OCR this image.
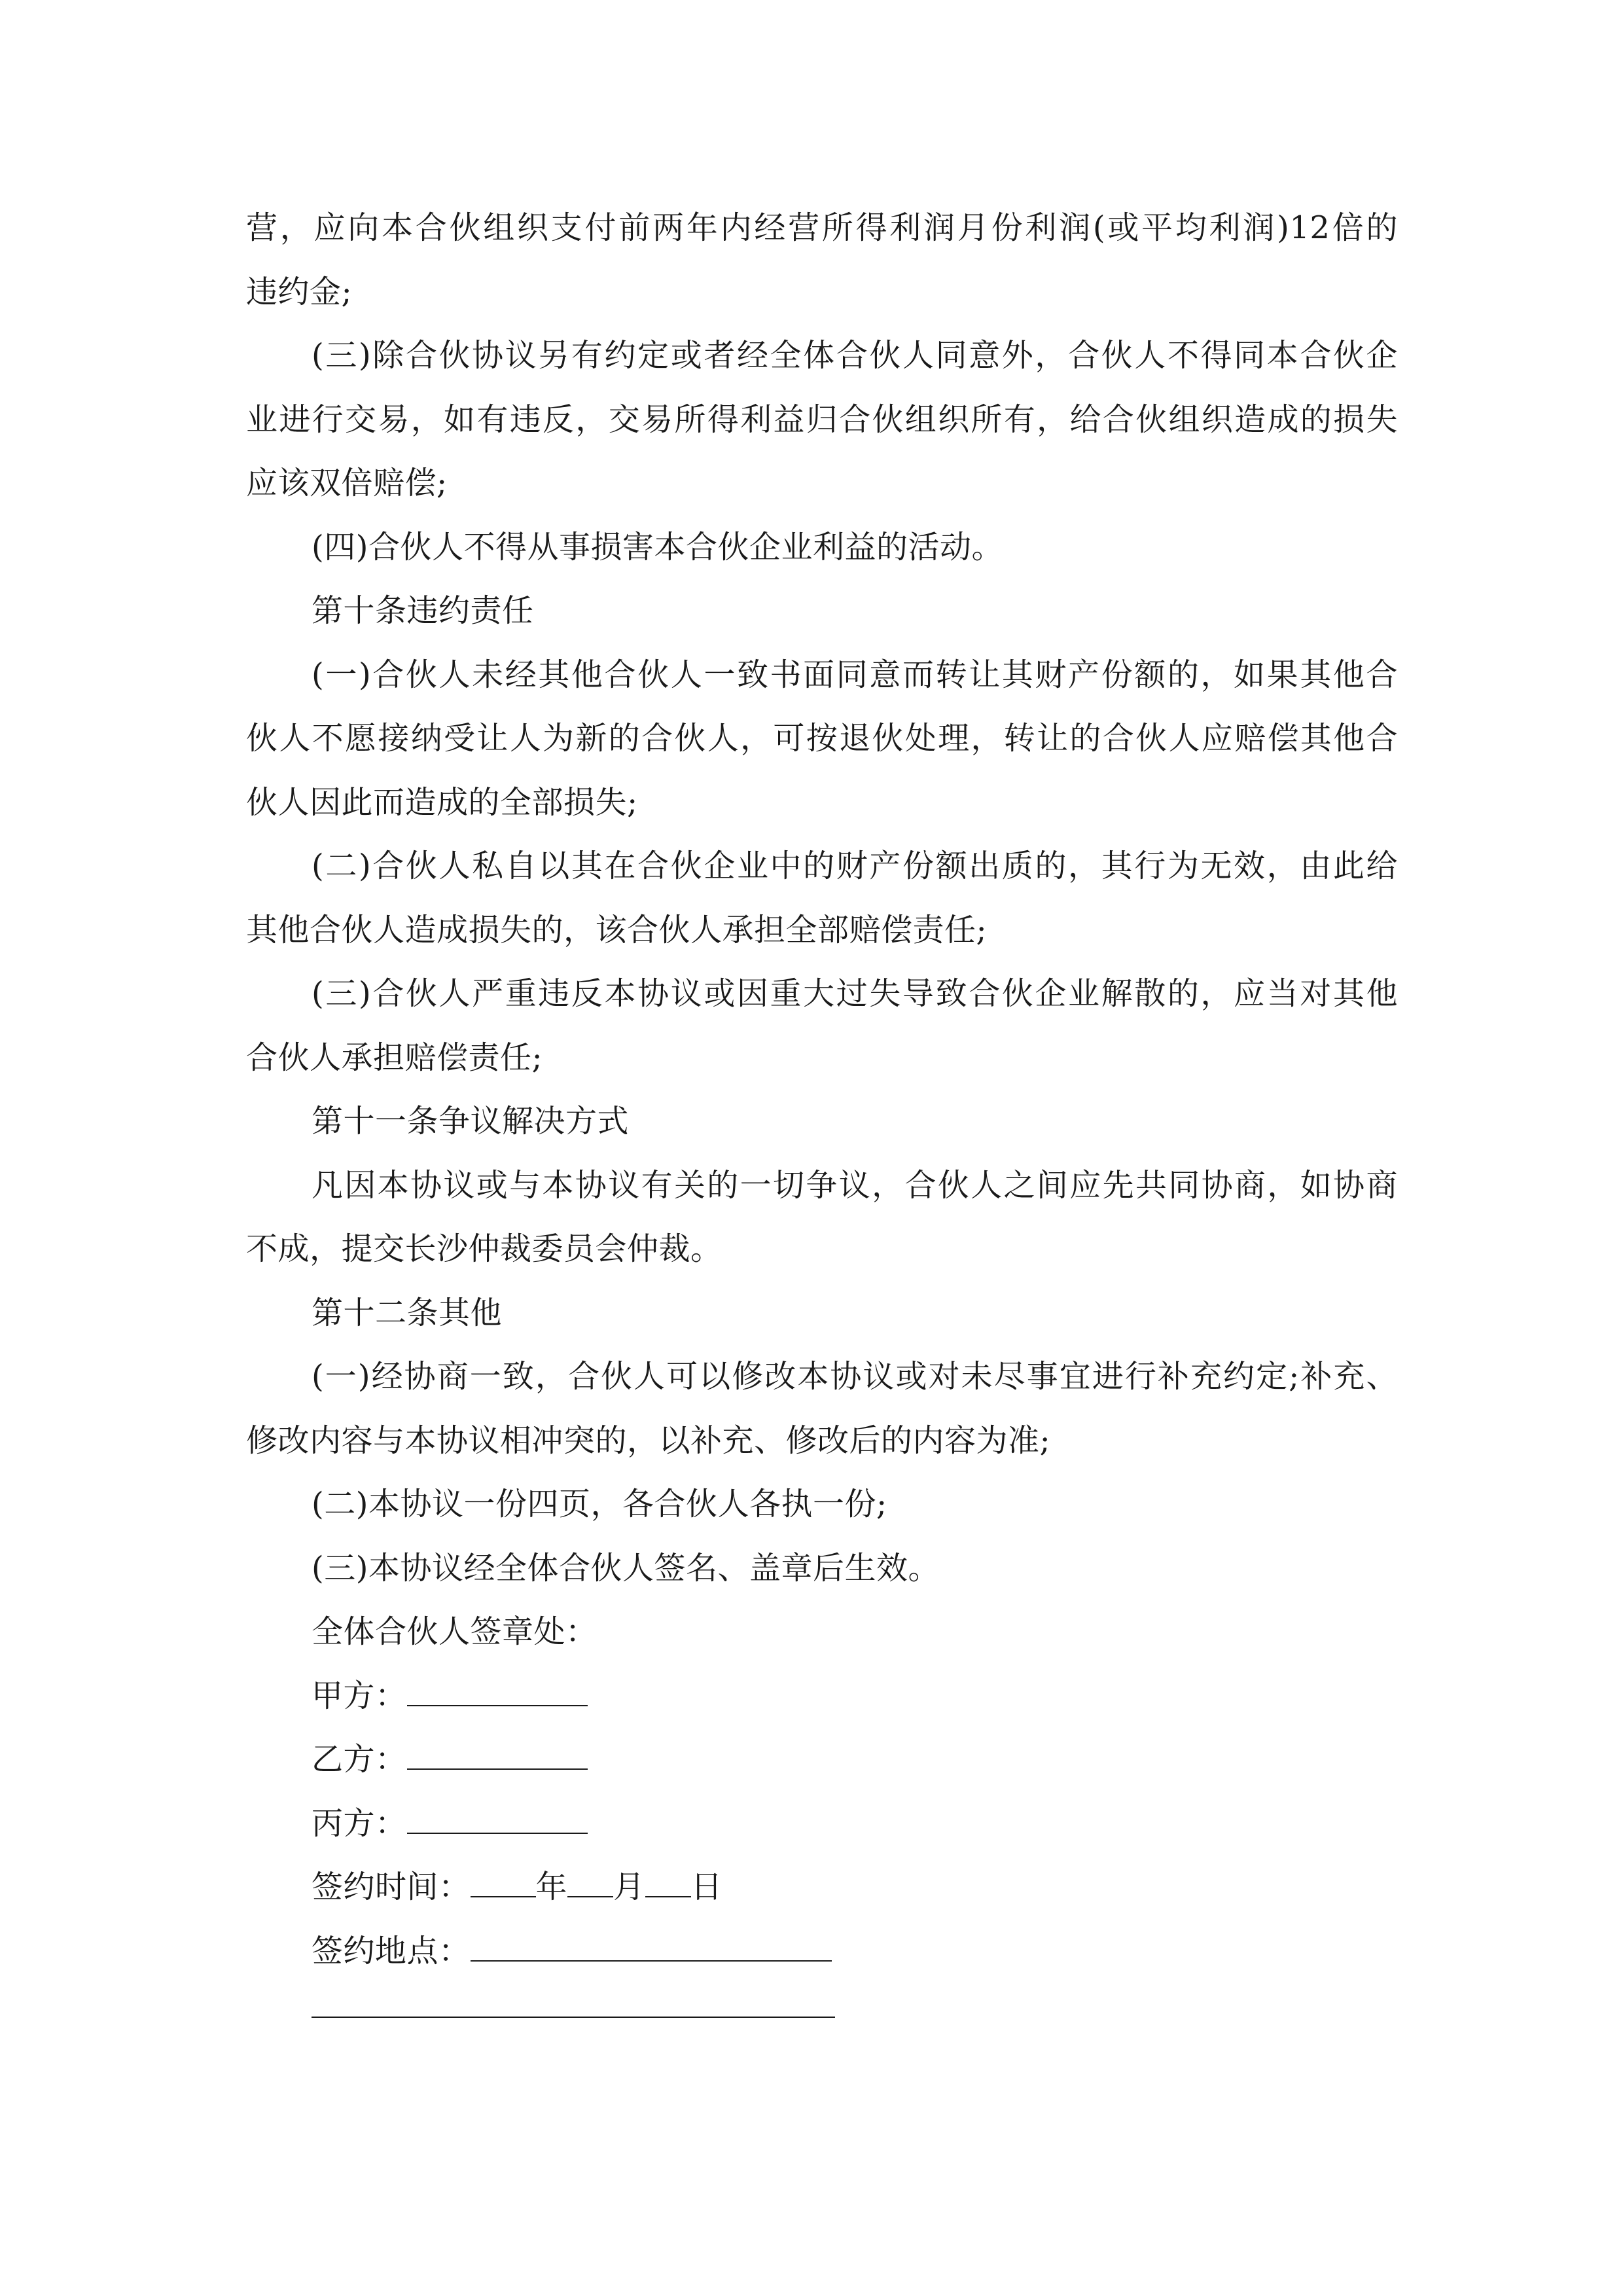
营，应向本合伙组织支付前两年内经营所得利润月份利润(或平均利润)12倍的
违约金;
(三)除合伙协议另有约定或者经全体合伙人同意外，合伙人不得同本合伙企
业进行交易，如有违反，交易所得利益归合伙组织所有，给合伙组织造成的损失
应该双倍赔偿;
(四)合伙人不得从事损害本合伙企业利益的活动。
第十条违约责任
(一)合伙人未经其他合伙人一致书面同意而转让其财产份额的，如果其他合
伙人不愿接纳受让人为新的合伙人，可按退伙处理，转让的合伙人应赔偿其他合
伙人因此而造成的全部损失;
(二)合伙人私自以其在合伙企业中的财产份额出质的，其行为无效，由此给
其他合伙人造成损失的，该合伙人承担全部赔偿责任;
(三)合伙人严重违反本协议或因重大过失导致合伙企业解散的，应当对其他
合伙人承担赔偿责任;
第十一条争议解决方式
凡因本协议或与本协议有关的一切争议，合伙人之间应先共同协商，如协商
不成，提交长沙仲裁委员会仲裁。
第十二条其他
(一)经协商一致，合伙人可以修改本协议或对未尽事宜进行补充约定;补充、
修改内容与本协议相冲突的，以补充、修改后的内容为准;
(二)本协议一份四页，各合伙人各执一份;
(三)本协议经全体合伙人签名、盖章后生效。
全体合伙人签章处：
甲方：
乙方：
丙方：
签约时间： 年 月 日
签约地点：
